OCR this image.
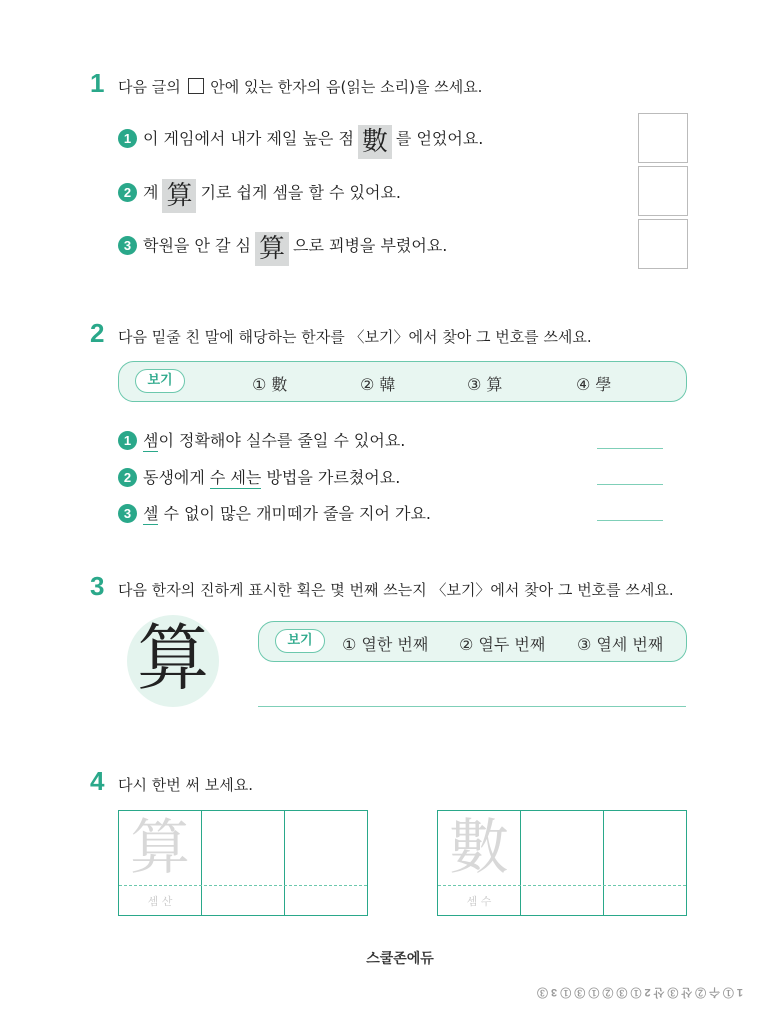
1 다음 글의 안에 있는 한자의 음(읽는 소리)을 쓰세요.
1 이 게임에서 내가 제일 높은 점 數 를 얻었어요.
2 계 算 기로 쉽게 셈을 할 수 있어요.
3 학원을 안 갈 심 算 으로 꾀병을 부렸어요.
2 다음 밑줄 친 말에 해당하는 한자를 〈보기〉에서 찾아 그 번호를 쓰세요.
보기	① 數	② 韓	③ 算	④ 學
1 셈이 정확해야 실수를 줄일 수 있어요.
2 동생에게 수 세는 방법을 가르쳤어요.
3 셀 수 없이 많은 개미떼가 줄을 지어 가요.
3 다음 한자의 진하게 표시한 획은 몇 번째 쓰는지 〈보기〉에서 찾아 그 번호를 쓰세요.
算	보기	① 열한 번째 ② 열두 번째 ③ 열세 번째
4 다시 한번 써 보세요.
算
셈 산
數
셈 수
스쿨존에듀
1 ① 수 ② 산 ③ 산 2 ① ③ ② ① ③ ① 3 ③
